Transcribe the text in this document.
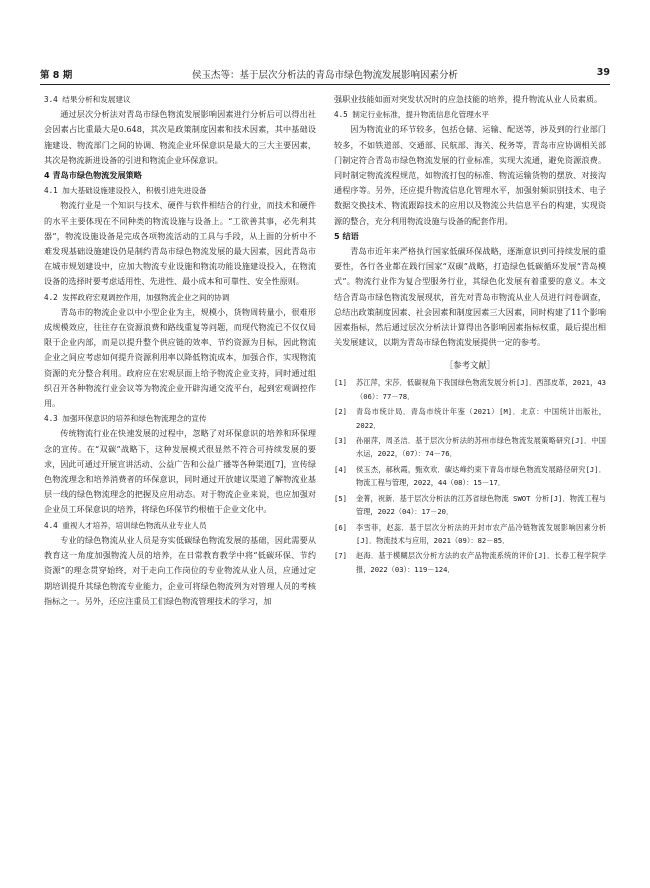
第 8 期	侯玉杰等：基于层次分析法的青岛市绿色物流发展影响因素分析	39
3.4 结果分析和发展建议

通过层次分析法对青岛市绿色物流发展影响因素进行分析后可以得出社会因素占比重最大是0.648，其次是政策制度因素和技术因素，其中基础设施建设、物流部门之间的协调、物流企业环保意识是最大的三大主要因素，其次是物流新进设备的引进和物流企业环保意识。

4 青岛市绿色物流发展策略
4.1 加大基础设施建设投入，积极引进先进设备

物流行业是一个知识与技术、硬件与软件相结合的行业，而技术和硬件的水平主要体现在不同种类的物流设施与设备上。“工欲善其事，必先利其器”，物流设施设备是完成各项物流活动的工具与手段，从上面的分析中不难发现基础设施建设仍是制约青岛市绿色物流发展的最大因素，因此青岛市在城市规划建设中，应加大物流专业设施和物流功能设施建设投入，在物流设备的选择时要考虑适用性、先进性、最小成本和可靠性、安全性原则。

4.2 发挥政府宏观调控作用，加强物流企业之间的协调

青岛市的物流企业以中小型企业为主，规模小，货物周转量小，很难形成规模效应，往往存在资源浪费和路线重复等问题，而现代物流已不仅仅局限于企业内部，而是以提升整个供应链的效率、节约资源为目标，因此物流企业之间应考虑如何提升资源利用率以降低物流成本，加强合作，实现物流资源的充分整合利用。政府应在宏观层面上给予物流企业支持，同时通过组织召开各种物流行业会议等为物流企业开辟沟通交流平台，起到宏观调控作用。

4.3 加强环保意识的培养和绿色物流理念的宣传

传统物流行业在快速发展的过程中，忽略了对环保意识的培养和环保理念的宣传。在“双碳”战略下，这种发展模式很显然不符合可持续发展的要求，因此可通过开展宣讲活动、公益广告和公益广播等各种渠道[7]，宣传绿色物流理念和培养消费者的环保意识，同时通过开放建议渠道了解物流业基层一线的绿色物流理念的把握及应用动态。对于物流企业来说，也应加强对企业员工环保意识的培养，将绿色环保节约根植于企业文化中。

4.4 重视人才培养，培训绿色物流从业专业人员

专业的绿色物流从业人员是夯实低碳绿色物流发展的基础，因此需要从教育这一角度加强物流人员的培养，在日常教育教学中将“低碳环保、节约资源”的理念贯穿始终，对于走向工作岗位的专业物流从业人员，应通过定期培训提升其绿色物流专业能力，企业可将绿色物流列为对管理人员的考核指标之一。另外，还应注重员工们绿色物流管理技术的学习，加

强职业技能如面对突发状况时的应急技能的培养，提升物流从业人员素质。

4.5 制定行业标准，提升物流信息化管理水平

因为物流业的环节较多，包括仓储、运输、配送等，涉及到的行业部门较多，不如铁道部、交通部、民航部、海关、税务等，青岛市应协调相关部门制定符合青岛市绿色物流发展的行业标准，实现大流通，避免资源浪费。同时制定物流流程规范，如物流打包的标准、物流运输货物的摆放、对接沟通程序等。另外，还应提升物流信息化管理水平，加强射频识别技术、电子数据交换技术、物流跟踪技术的应用以及物流公共信息平台的构建，实现资源的整合，充分利用物流设施与设备的配套作用。

5 结语

青岛市近年来严格执行国家低碳环保战略，逐渐意识到可持续发展的重要性，各行各业都在践行国家“双碳”战略，打造绿色低碳循环发展“青岛模式”。物流行业作为复合型服务行业，其绿色化发展有着重要的意义。本文结合青岛市绿色物流发展现状，首先对青岛市物流从业人员进行问卷调查，总结出政策制度因素、社会因素和制度因素三大因素，同时构建了11个影响因素指标，然后通过层次分析法计算得出各影响因素指标权重，最后提出相关发展建议，以期为青岛市绿色物流发展提供一定的参考。

［参考文献］
[1]	苏江萍，宋莎．低碳视角下我国绿色物流发展分析[J]．西部皮革，2021，43（06）：77－78．
[2]	青岛市统计局．青岛市统计年鉴（2021）[M]．北京：中国统计出版社，2022．
[3]	孙丽萍，周圣洁．基于层次分析法的苏州市绿色物流发展策略研究[J]．中国水运，2022，（07）：74－76．
[4]	侯玉杰，郝秋霞，甄欢欢．碳达峰约束下青岛市绿色物流发展路径研究[J]．物流工程与管理，2022，44（08）：15－17．
[5]	金菁，祝新．基于层次分析法的江苏省绿色物流 SWOT 分析[J]．物流工程与管理，2022（04）：17－20．
[6]	李雪菲，赵蕊．基于层次分析法的开封市农产品冷链物流发展影响因素分析[J]．物流技术与应用，2021（09）：82－85．
[7]	赵海．基于模糊层次分析方法的农产品物流系统的评价[J]．长春工程学院学报，2022（03）：119－124．
